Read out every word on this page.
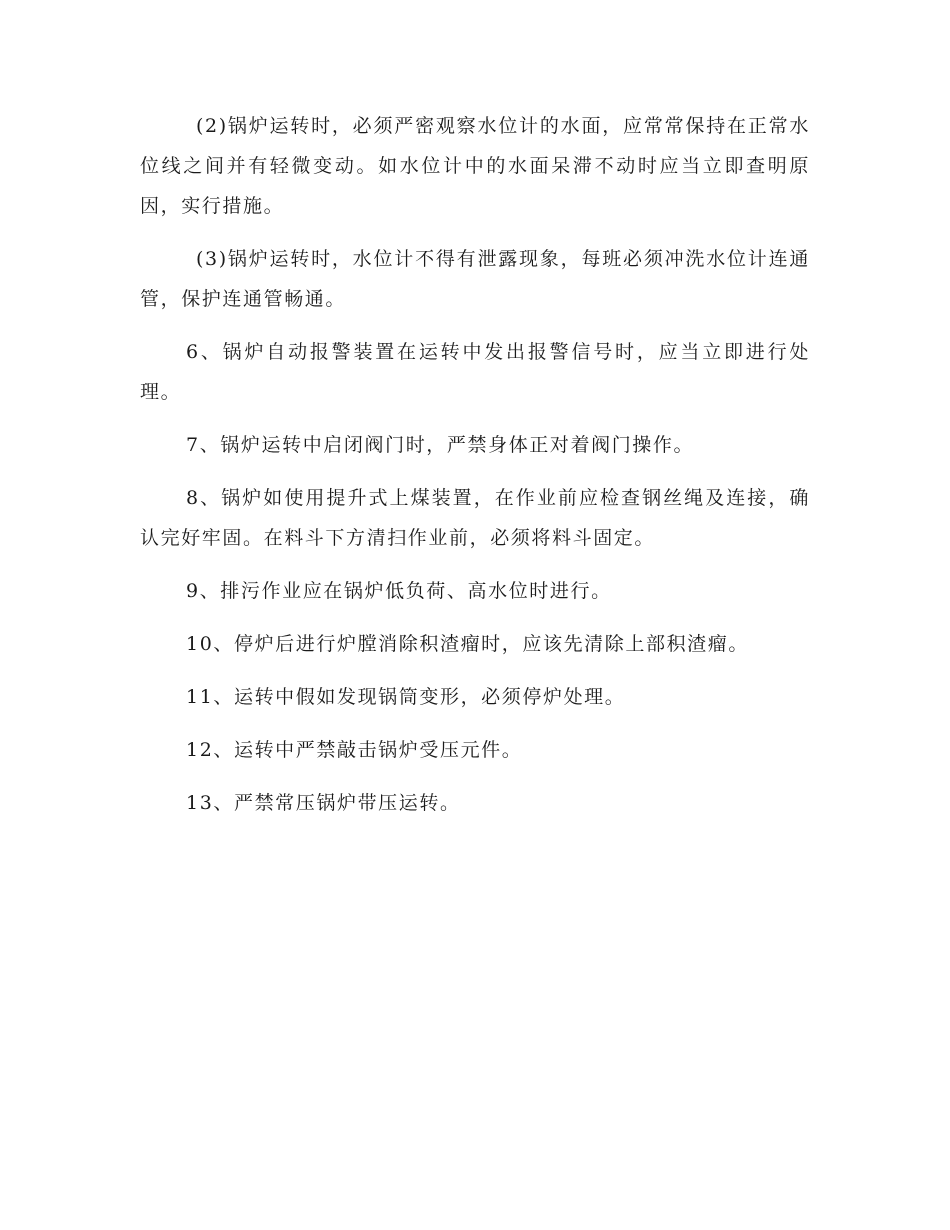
(2)锅炉运转时，必须严密观察水位计的水面，应常常保持在正常水位线之间并有轻微变动。如水位计中的水面呆滞不动时应当立即查明原因，实行措施。

(3)锅炉运转时，水位计不得有泄露现象，每班必须冲洗水位计连通管，保护连通管畅通。

6、锅炉自动报警装置在运转中发出报警信号时，应当立即进行处理。

7、锅炉运转中启闭阀门时，严禁身体正对着阀门操作。

8、锅炉如使用提升式上煤装置，在作业前应检查钢丝绳及连接，确认完好牢固。在料斗下方清扫作业前，必须将料斗固定。

9、排污作业应在锅炉低负荷、高水位时进行。

10、停炉后进行炉膛消除积渣瘤时，应该先清除上部积渣瘤。

11、运转中假如发现锅筒变形，必须停炉处理。

12、运转中严禁敲击锅炉受压元件。

13、严禁常压锅炉带压运转。
